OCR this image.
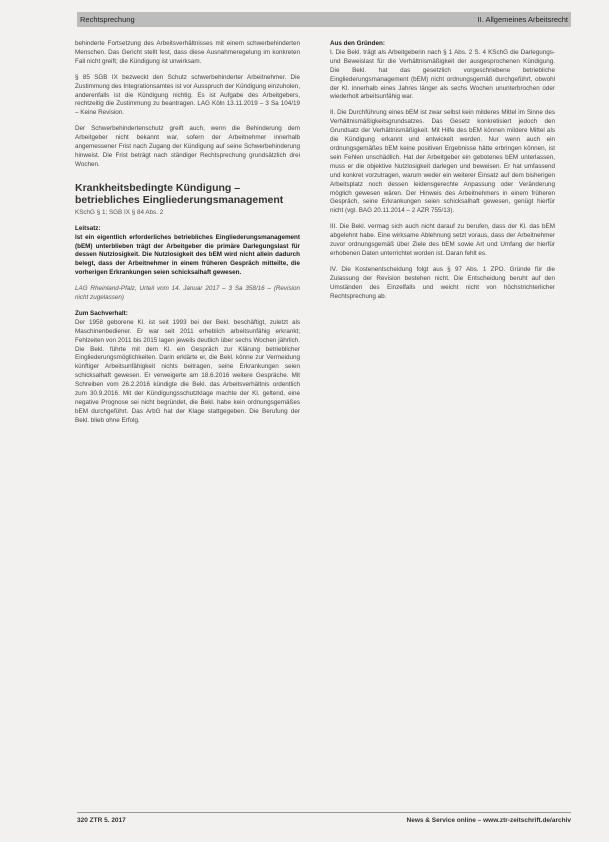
Rechtsprechung	II. Allgemeines Arbeitsrecht

behinderte Fortsetzung des Arbeitsverhältnisses mit einem schwerbehinderten Menschen. Das Gericht stellt fest, dass diese Ausnahmeregelung im konkreten Fall nicht greift; die Kündigung ist unwirksam.

§ 85 SGB IX bezweckt den Schutz schwerbehinderter Arbeitnehmer. Die Zustimmung des Integrationsamtes ist vor Ausspruch der Kündigung einzuholen, anderenfalls ist die Kündigung nichtig. Es ist Aufgabe des Arbeitgebers, rechtzeitig die Zustimmung zu beantragen. LAG Köln 13.11.2019 – 3 Sa 104/19 – Keine Revision.

Der Schwerbehindertenschutz greift auch, wenn die Behinderung dem Arbeitgeber nicht bekannt war, sofern der Arbeitnehmer innerhalb angemessener Frist nach Zugang der Kündigung auf seine Schwerbehinderung hinweist. Die Frist beträgt nach ständiger Rechtsprechung grundsätzlich drei Wochen.

Krankheitsbedingte Kündigung – betriebliches Eingliederungsmanagement
KSchG § 1; SGB IX § 84 Abs. 2
Leitsatz:

Ist ein eigentlich erforderliches betriebliches Eingliederungsmanagement (bEM) unterblieben trägt der Arbeitgeber die primäre Darlegungslast für dessen Nutzlosigkeit. Die Nutzlosigkeit des bEM wird nicht allein dadurch belegt, dass der Arbeitnehmer in einem früheren Gespräch mitteilte, die vorherigen Erkrankungen seien schicksalhaft gewesen.

LAG Rheinland-Pfalz, Urteil vom 14. Januar 2017 – 3 Sa 358/16 – (Revision nicht zugelassen)

Zum Sachverhalt:

Der 1958 geborene Kl. ist seit 1993 bei der Bekl. beschäftigt, zuletzt als Maschinenbediener. Er war seit 2011 erheblich arbeitsunfähig erkrankt; Fehlzeiten von 2011 bis 2015 lagen jeweils deutlich über sechs Wochen jährlich. Die Bekl. führte mit dem Kl. ein Gespräch zur Klärung betrieblicher Eingliederungsmöglichkeiten. Darin erklärte er, die Bekl. könne zur Vermeidung künftiger Arbeitsunfähigkeit nichts beitragen, seine Erkrankungen seien schicksalhaft gewesen. Er verweigerte am 18.6.2016 weitere Gespräche. Mit Schreiben vom 26.2.2016 kündigte die Bekl. das Arbeitsverhältnis ordentlich zum 30.9.2016. Mit der Kündigungsschutzklage machte der Kl. geltend, eine negative Prognose sei nicht begründet, die Bekl. habe kein ordnungsgemäßes bEM durchgeführt. Das ArbG hat der Klage stattgegeben. Die Berufung der Bekl. blieb ohne Erfolg.

Aus den Gründen:

I. Die Bekl. trägt als Arbeitgeberin nach § 1 Abs. 2 S. 4 KSchG die Darlegungs- und Beweislast für die Verhältnismäßigkeit der ausgesprochenen Kündigung. Die Bekl. hat das gesetzlich vorgeschriebene betriebliche Eingliederungsmanagement (bEM) nicht ordnungsgemäß durchgeführt, obwohl der Kl. innerhalb eines Jahres länger als sechs Wochen ununterbrochen oder wiederholt arbeitsunfähig war.

II. Die Durchführung eines bEM ist zwar selbst kein milderes Mittel im Sinne des Verhältnismäßigkeitsgrundsatzes. Das Gesetz konkretisiert jedoch den Grundsatz der Verhältnismäßigkeit. Mit Hilfe des bEM können mildere Mittel als die Kündigung erkannt und entwickelt werden. Nur wenn auch ein ordnungsgemäßes bEM keine positiven Ergebnisse hätte erbringen können, ist sein Fehlen unschädlich. Hat der Arbeitgeber ein gebotenes bEM unterlassen, muss er die objektive Nutzlosigkeit darlegen und beweisen. Er hat umfassend und konkret vorzutragen, warum weder ein weiterer Einsatz auf dem bisherigen Arbeitsplatz noch dessen leidensgerechte Anpassung oder Veränderung möglich gewesen wären. Der Hinweis des Arbeitnehmers in einem früheren Gespräch, seine Erkrankungen seien schicksalhaft gewesen, genügt hierfür nicht (vgl. BAG 20.11.2014 – 2 AZR 755/13).

III. Die Bekl. vermag sich auch nicht darauf zu berufen, dass der Kl. das bEM abgelehnt habe. Eine wirksame Ablehnung setzt voraus, dass der Arbeitnehmer zuvor ordnungsgemäß über Ziele des bEM sowie Art und Umfang der hierfür erhobenen Daten unterrichtet worden ist. Daran fehlt es.

IV. Die Kostenentscheidung folgt aus § 97 Abs. 1 ZPO. Gründe für die Zulassung der Revision bestehen nicht. Die Entscheidung beruht auf den Umständen des Einzelfalls und weicht nicht von höchstrichterlicher Rechtsprechung ab.

320 ZTR 5. 2017	News & Service online – www.ztr-zeitschrift.de/archiv
